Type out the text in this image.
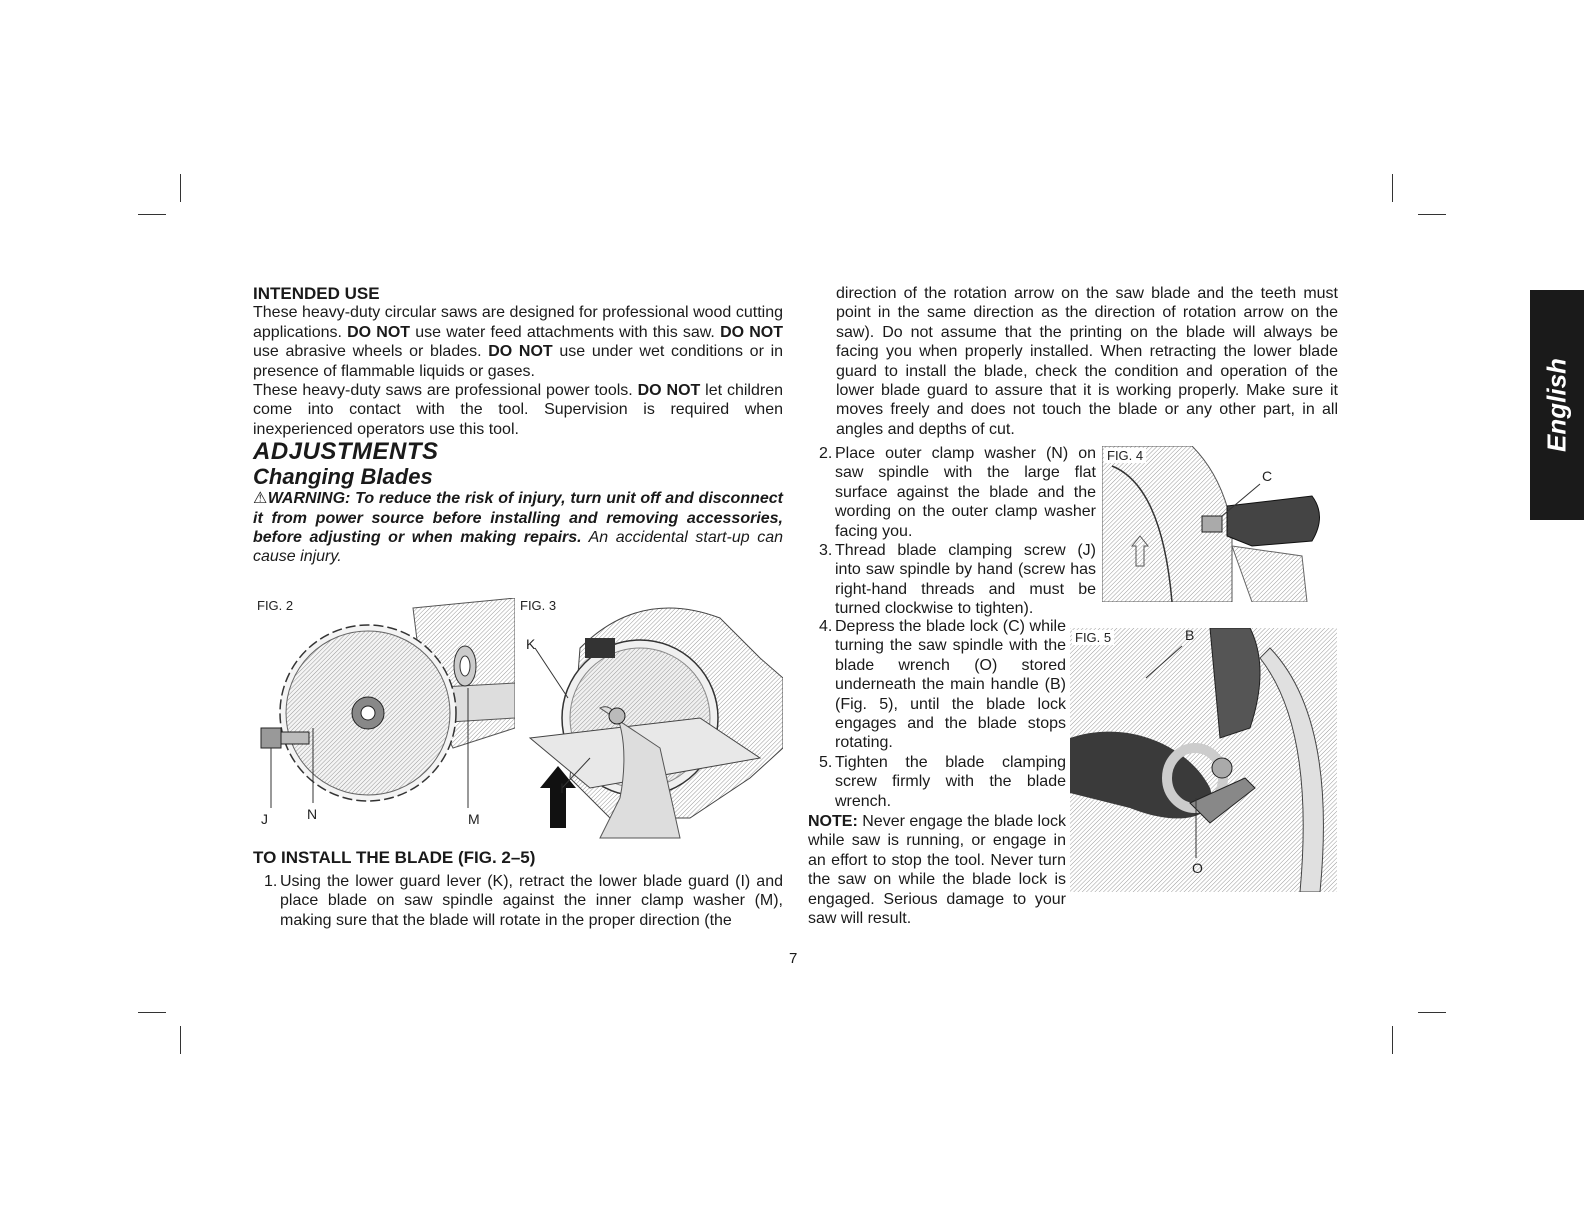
INTENDED USE

These heavy-duty circular saws are designed for professional wood cutting applications. DO NOT use water feed attachments with this saw. DO NOT use abrasive wheels or blades. DO NOT use under wet conditions or in presence of flammable liquids or gases.

These heavy-duty saws are professional power tools. DO NOT let children come into contact with the tool. Supervision is required when inexperienced operators use this tool.

ADJUSTMENTS

Changing Blades

⚠WARNING: To reduce the risk of injury, turn unit off and disconnect it from power source before installing and removing accessories, before adjusting or when making repairs. An accidental start-up can cause injury.

FIG. 2
J	N	M
FIG. 3
K
I

TO INSTALL THE BLADE (FIG. 2–5)

1. Using the lower guard lever (K), retract the lower blade guard (I) and place blade on saw spindle against the inner clamp washer (M), making sure that the blade will rotate in the proper direction (the

direction of the rotation arrow on the saw blade and the teeth must point in the same direction as the direction of rotation arrow on the saw). Do not assume that the printing on the blade will always be facing you when properly installed. When retracting the lower blade guard to install the blade, check the condition and operation of the lower blade guard to assure that it is working properly. Make sure it moves freely and does not touch the blade or any other part, in all angles and depths of cut.

2. Place outer clamp washer (N) on saw spindle with the large flat surface against the blade and the wording on the outer clamp washer facing you.

3. Thread blade clamping screw (J) into saw spindle by hand (screw has right-hand threads and must be turned clockwise to tighten).

4. Depress the blade lock (C) while turning the saw spindle with the blade wrench (O) stored underneath the main handle (B) (Fig. 5), until the blade lock engages and the blade stops rotating.

5. Tighten the blade clamping screw firmly with the blade wrench.

NOTE: Never engage the blade lock while saw is running, or engage in an effort to stop the tool. Never turn the saw on while the blade lock is engaged. Serious damage to your saw will result.

FIG. 4
C
FIG. 5	B
O
English
7
